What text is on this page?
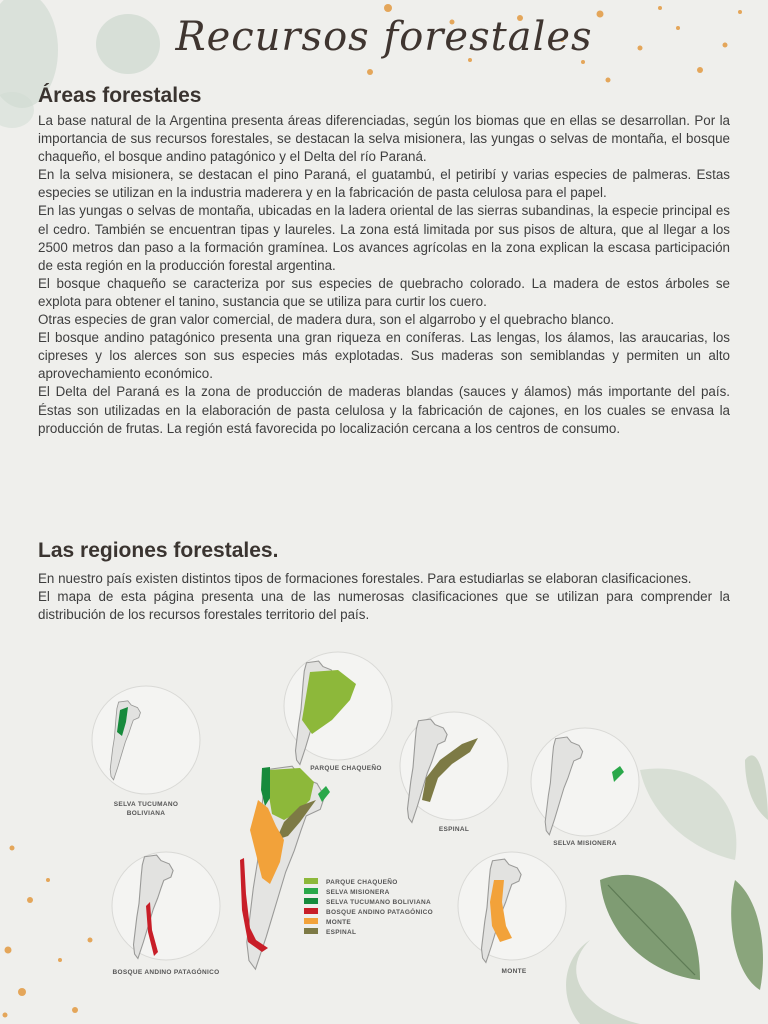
Recursos forestales
Áreas forestales

La base natural de la Argentina presenta áreas diferenciadas, según los biomas que en ellas se desarrollan. Por la importancia de sus recursos forestales, se destacan la selva misionera, las yungas o selvas de montaña, el bosque chaqueño, el bosque andino patagónico y el Delta del río Paraná.

En la selva misionera, se destacan el pino Paraná, el guatambú, el petiribí y varias especies de palmeras. Estas especies se utilizan en la industria maderera y en la fabricación de pasta celulosa para el papel.

En las yungas o selvas de montaña, ubicadas en la ladera oriental de las sierras subandinas, la especie principal es el cedro. También se encuentran tipas y laureles. La zona está limitada por sus pisos de altura, que al llegar a los 2500 metros dan paso a la formación gramínea. Los avances agrícolas en la zona explican la escasa participación de esta región en la producción forestal argentina.

El bosque chaqueño se caracteriza por sus especies de quebracho colorado. La madera de estos árboles se explota para obtener el tanino, sustancia que se utiliza para curtir los cuero.

Otras especies de gran valor comercial, de madera dura, son el algarrobo y el quebracho blanco.

El bosque andino patagónico presenta una gran riqueza en coníferas. Las lengas, los álamos, las araucarias, los cipreses y los alerces son sus especies más explotadas. Sus maderas son semiblandas y permiten un alto aprovechamiento económico.

El Delta del Paraná es la zona de producción de maderas blandas (sauces y álamos) más importante del país. Éstas son utilizadas en la elaboración de pasta celulosa y la fabricación de cajones, en los cuales se envasa la producción de frutas. La región está favorecida po localización cercana a los centros de consumo.

Las regiones forestales.

En nuestro país existen distintos tipos de formaciones forestales. Para estudiarlas se elaboran clasificaciones.

El mapa de esta página presenta una de las numerosas clasificaciones que se utilizan para comprender la distribución de los recursos forestales territorio del país.

SELVA TUCUMANO
BOLIVIANA
PARQUE CHAQUEÑO
ESPINAL
SELVA MISIONERA
BOSQUE ANDINO PATAGÓNICO	MONTE
PARQUE CHAQUEÑO
SELVA MISIONERA
SELVA TUCUMANO BOLIVIANA
BOSQUE ANDINO PATAGÓNICO
MONTE
ESPINAL
